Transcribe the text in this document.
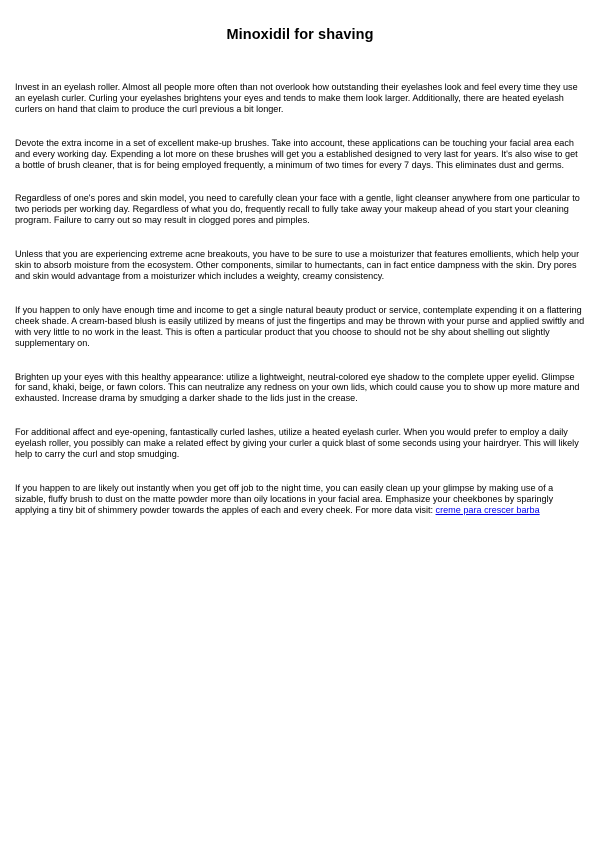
Minoxidil for shaving

Invest in an eyelash roller. Almost all people more often than not overlook how outstanding their eyelashes look and feel every time they use an eyelash curler. Curling your eyelashes brightens your eyes and tends to make them look larger. Additionally, there are heated eyelash curlers on hand that claim to produce the curl previous a bit longer.

Devote the extra income in a set of excellent make-up brushes. Take into account, these applications can be touching your facial area each and every working day. Expending a lot more on these brushes will get you a established designed to very last for years. It's also wise to get a bottle of brush cleaner, that is for being employed frequently, a minimum of two times for every 7 days. This eliminates dust and germs.

Regardless of one's pores and skin model, you need to carefully clean your face with a gentle, light cleanser anywhere from one particular to two periods per working day. Regardless of what you do, frequently recall to fully take away your makeup ahead of you start your cleaning program. Failure to carry out so may result in clogged pores and pimples.

Unless that you are experiencing extreme acne breakouts, you have to be sure to use a moisturizer that features emollients, which help your skin to absorb moisture from the ecosystem. Other components, similar to humectants, can in fact entice dampness with the skin. Dry pores and skin would advantage from a moisturizer which includes a weighty, creamy consistency.

If you happen to only have enough time and income to get a single natural beauty product or service, contemplate expending it on a flattering cheek shade. A cream-based blush is easily utilized by means of just the fingertips and may be thrown with your purse and applied swiftly and with very little to no work in the least. This is often a particular product that you choose to should not be shy about shelling out slightly supplementary on.

Brighten up your eyes with this healthy appearance: utilize a lightweight, neutral-colored eye shadow to the complete upper eyelid. Glimpse for sand, khaki, beige, or fawn colors. This can neutralize any redness on your own lids, which could cause you to show up more mature and exhausted. Increase drama by smudging a darker shade to the lids just in the crease.

For additional affect and eye-opening, fantastically curled lashes, utilize a heated eyelash curler. When you would prefer to employ a daily eyelash roller, you possibly can make a related effect by giving your curler a quick blast of some seconds using your hairdryer. This will likely help to carry the curl and stop smudging.

If you happen to are likely out instantly when you get off job to the night time, you can easily clean up your glimpse by making use of a sizable, fluffy brush to dust on the matte powder more than oily locations in your facial area. Emphasize your cheekbones by sparingly applying a tiny bit of shimmery powder towards the apples of each and every cheek. For more data visit: creme para crescer barba
